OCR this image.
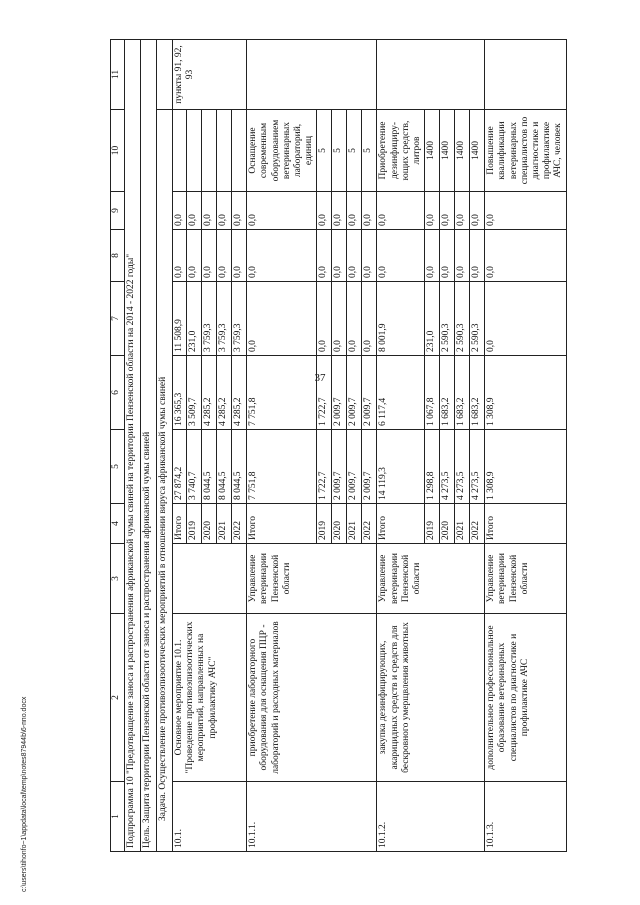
37
1	2	3	4	5	6	7	8	9	10	11
Подпрограмма 10 "Предотвращение заноса и распространения африканской чумы свиней на территории Пензенской области на 2014 - 2022 годы"										
Цель. Защита территории Пензенской области от заноса и распространения африканской чумы свиней										
Задача. Осуществление противоэпизоотических мероприятий в отношении вируса африканской чумы свиней										
10.1.	Основное мероприятие 10.1. "Проведение противоэпизоотических мероприятий, направленных на профилактику АЧС"		Итого	27 874,2	16 365,3	11 508,9	0,0	0,0		пункты 91, 92, 93
			2019	3 740,7	3 509,7	231,0	0,0	0,0		
			2020	8 044,5	4 285,2	3 759,3	0,0	0,0		
			2021	8 044,5	4 285,2	3 759,3	0,0	0,0		
			2022	8 044,5	4 285,2	3 759,3	0,0	0,0		
10.1.1.	приобретение лабораторного оборудования для оснащения ПЦР - лабораторий и расходных материалов	Управление ветеринарии Пензенской области	Итого	7 751,8	7 751,8	0,0	0,0	0,0	Оснащение современным оборудованием ветеринарных лабораторий, единиц	
			2019	1 722,7	1 722,7	0,0	0,0	0,0	5	
			2020	2 009,7	2 009,7	0,0	0,0	0,0	5	
			2021	2 009,7	2 009,7	0,0	0,0	0,0	5	
			2022	2 009,7	2 009,7	0,0	0,0	0,0	5	
10.1.2.	закупка дезинфицирующих, акарицидных средств и средств для бескровного умерщвления животных	Управление ветеринарии Пензенской области	Итого	14 119,3	6 117,4	8 001,9	0,0	0,0	Приобретение дезинфициру-ющих средств, литров	
			2019	1 298,8	1 067,8	231,0	0,0	0,0	1400	
			2020	4 273,5	1 683,2	2 590,3	0,0	0,0	1400	
			2021	4 273,5	1 683,2	2 590,3	0,0	0,0	1400	
			2022	4 273,5	1 683,2	2 590,3	0,0	0,0	1400	
10.1.3.	дополнительное профессиональное образование ветеринарных специалистов по диагностике и профилактике АЧС	Управление ветеринарии Пензенской области	Итого	1 308,9	1 308,9	0,0	0,0	0,0	Повышение квалификации ветеринарных специалистов по диагностике и профилактике АЧС, человек	
c:\users\tihonfo~1\appdata\local\temp\notes87944b\6-ппо.docx
